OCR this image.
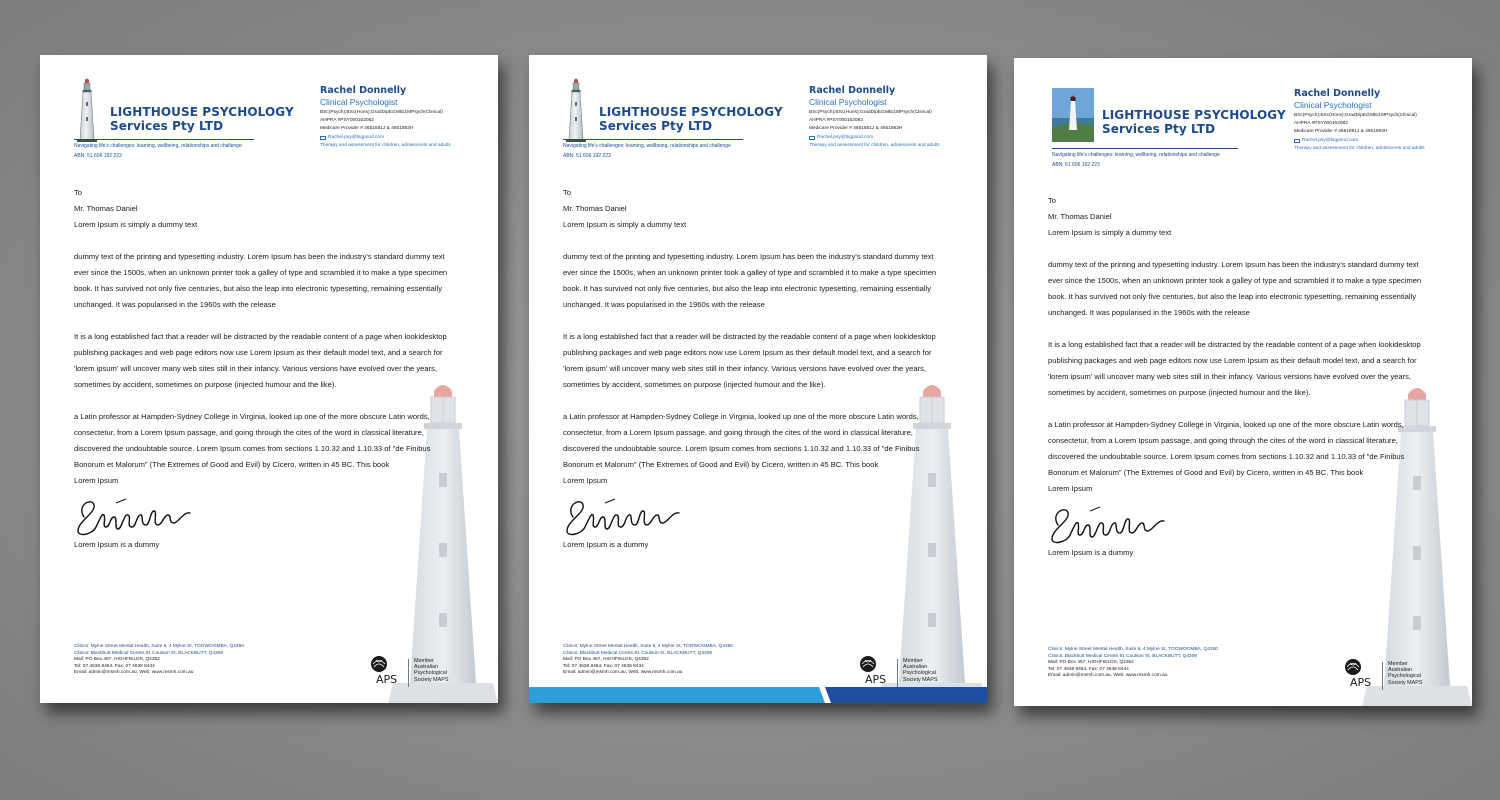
LIGHTHOUSE PSYCHOLOGY
Services Pty LTD
Navigating life's challenges: learning, wellbeing, relationships and challenge
ABN: 51 606 192 223
Rachel Donnelly
Clinical Psychologist
BSc(Psych);BSc(Hons);GradDipEd;MEd;MPsych(Clinical)
AHPRA #PSY000162082
Medicare Provider # 4651881J & 4651883H
Rachel.psy@bigpond.com
Therapy and assessment for children, adolescents and adults

To

Mr. Thomas Daniel

Lorem Ipsum is simply a dummy text

dummy text of the printing and typesetting industry. Lorem Ipsum has been the industry's standard dummy text ever since the 1500s, when an unknown printer took a galley of type and scrambled it to make a type specimen book. It has survived not only five centuries, but also the leap into electronic typesetting, remaining essentially unchanged. It was popularised in the 1960s with the release

It is a long established fact that a reader will be distracted by the readable content of a page when lookidesktop publishing packages and web page editors now use Lorem Ipsum as their default model text, and a search for 'lorem ipsum' will uncover many web sites still in their infancy. Various versions have evolved over the years, sometimes by accident, sometimes on purpose (injected humour and the like).

a Latin professor at Hampden-Sydney College in Virginia, looked up one of the more obscure Latin words, consectetur, from a Lorem Ipsum passage, and going through the cites of the word in classical literature, discovered the undoubtable source. Lorem Ipsum comes from sections 1.10.32 and 1.10.33 of "de Finibus Bonorum et Malorum" (The Extremes of Good and Evil) by Cicero, written in 45 BC. This book

Lorem Ipsum

Lorem Ipsum is a dummy

Clinics: Mylne Street Mental Health, Suite 6, 4 Mylne St, TOOWOOMBA, Q4350
Clinics: Blackbutt Medical Centre,91 Coulson St, BLACKBUTT, Q4306
Mail: PO Box 467, HIGHFIELDS, Q4352
Tel: 07 4638 8464, Fax: 07 4638 8434
Email: admin@msmh.com.au, Web: www.msmh.com.au
APS
Member
Australian
Psychological
Society MAPS
LIGHTHOUSE PSYCHOLOGY
Services Pty LTD
Navigating life's challenges: learning, wellbeing, relationships and challenge
ABN: 51 606 192 223
Rachel Donnelly
Clinical Psychologist
BSc(Psych);BSc(Hons);GradDipEd;MEd;MPsych(Clinical)
AHPRA #PSY000162082
Medicare Provider # 4651881J & 4651883H
Rachel.psy@bigpond.com
Therapy and assessment for children, adolescents and adults

To

Mr. Thomas Daniel

Lorem Ipsum is simply a dummy text

dummy text of the printing and typesetting industry. Lorem Ipsum has been the industry's standard dummy text ever since the 1500s, when an unknown printer took a galley of type and scrambled it to make a type specimen book. It has survived not only five centuries, but also the leap into electronic typesetting, remaining essentially unchanged. It was popularised in the 1960s with the release

It is a long established fact that a reader will be distracted by the readable content of a page when lookidesktop publishing packages and web page editors now use Lorem Ipsum as their default model text, and a search for 'lorem ipsum' will uncover many web sites still in their infancy. Various versions have evolved over the years, sometimes by accident, sometimes on purpose (injected humour and the like).

a Latin professor at Hampden-Sydney College in Virginia, looked up one of the more obscure Latin words, consectetur, from a Lorem Ipsum passage, and going through the cites of the word in classical literature, discovered the undoubtable source. Lorem Ipsum comes from sections 1.10.32 and 1.10.33 of "de Finibus Bonorum et Malorum" (The Extremes of Good and Evil) by Cicero, written in 45 BC. This book

Lorem Ipsum

Lorem Ipsum is a dummy

Clinics: Mylne Street Mental Health, Suite 6, 4 Mylne St, TOOWOOMBA, Q4350
Clinics: Blackbutt Medical Centre,91 Coulson St, BLACKBUTT, Q4306
Mail: PO Box 467, HIGHFIELDS, Q4352
Tel: 07 4638 8464, Fax: 07 4638 8434
Email: admin@msmh.com.au, Web: www.msmh.com.au
APS
Member
Australian
Psychological
Society MAPS
LIGHTHOUSE PSYCHOLOGY
Services Pty LTD
Navigating life's challenges: learning, wellbeing, relationships and challenge
ABN: 51 606 192 223
Rachel Donnelly
Clinical Psychologist
BSc(Psych);BSc(Hons);GradDipEd;MEd;MPsych(Clinical)
AHPRA #PSY000162082
Medicare Provider # 4651881J & 4651883H
Rachel.psy@bigpond.com
Therapy and assessment for children, adolescents and adults

To

Mr. Thomas Daniel

Lorem Ipsum is simply a dummy text

dummy text of the printing and typesetting industry. Lorem Ipsum has been the industry's standard dummy text ever since the 1500s, when an unknown printer took a galley of type and scrambled it to make a type specimen book. It has survived not only five centuries, but also the leap into electronic typesetting, remaining essentially unchanged. It was popularised in the 1960s with the release

It is a long established fact that a reader will be distracted by the readable content of a page when lookidesktop publishing packages and web page editors now use Lorem Ipsum as their default model text, and a search for 'lorem ipsum' will uncover many web sites still in their infancy. Various versions have evolved over the years, sometimes by accident, sometimes on purpose (injected humour and the like).

a Latin professor at Hampden-Sydney College in Virginia, looked up one of the more obscure Latin words, consectetur, from a Lorem Ipsum passage, and going through the cites of the word in classical literature, discovered the undoubtable source. Lorem Ipsum comes from sections 1.10.32 and 1.10.33 of "de Finibus Bonorum et Malorum" (The Extremes of Good and Evil) by Cicero, written in 45 BC. This book

Lorem Ipsum

Lorem Ipsum is a dummy

Clinics: Mylne Street Mental Health, Suite 6, 4 Mylne St, TOOWOOMBA, Q4350
Clinics: Blackbutt Medical Centre,91 Coulson St, BLACKBUTT, Q4306
Mail: PO Box 467, HIGHFIELDS, Q4352
Tel: 07 4638 8464, Fax: 07 4638 8434
Email: admin@msmh.com.au, Web: www.msmh.com.au
APS
Member
Australian
Psychological
Society MAPS
